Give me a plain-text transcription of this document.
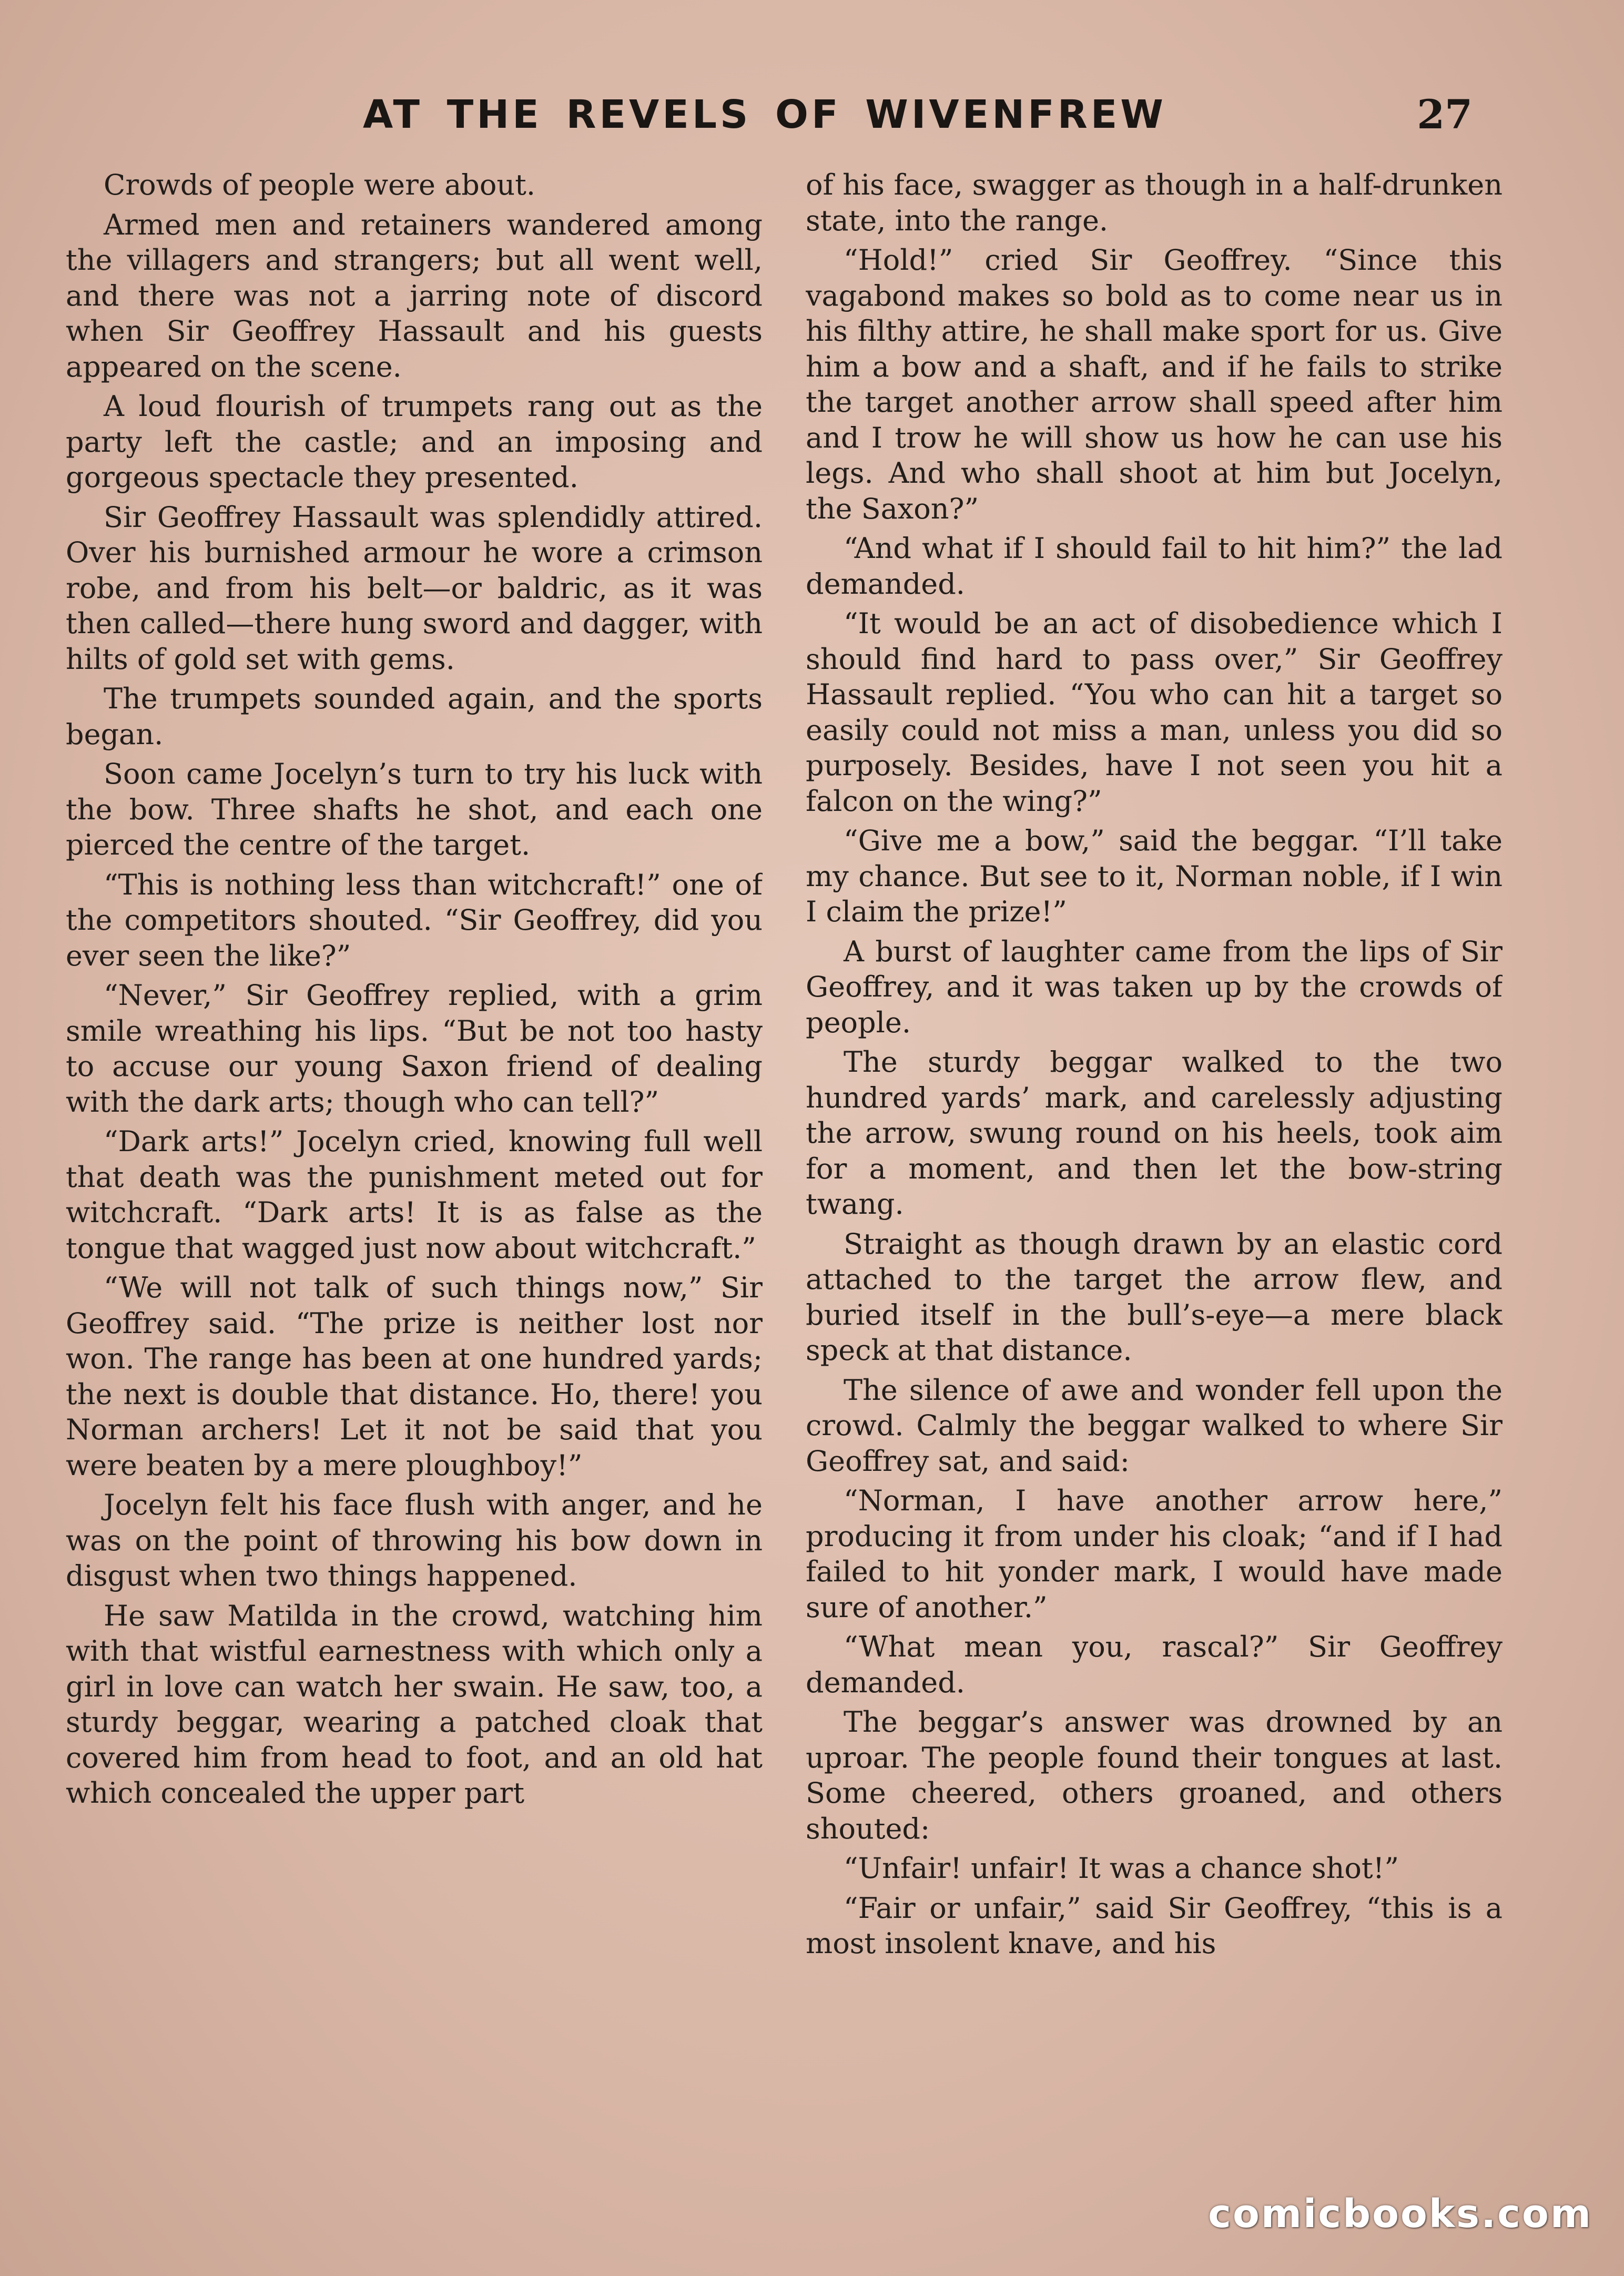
AT THE REVELS OF WIVENFREW	27

Crowds of people were about.

Armed men and retainers wandered among the villagers and strangers; but all went well, and there was not a jarring note of discord when Sir Geoffrey Hassault and his guests appeared on the scene.

A loud flourish of trumpets rang out as the party left the castle; and an imposing and gorgeous spectacle they presented.

Sir Geoffrey Hassault was splendidly attired. Over his burnished armour he wore a crimson robe, and from his belt—or baldric, as it was then called—there hung sword and dagger, with hilts of gold set with gems.

The trumpets sounded again, and the sports began.

Soon came Jocelyn’s turn to try his luck with the bow. Three shafts he shot, and each one pierced the centre of the target.

“This is nothing less than witchcraft!” one of the competitors shouted. “Sir Geoffrey, did you ever seen the like?”

“Never,” Sir Geoffrey replied, with a grim smile wreathing his lips. “But be not too hasty to accuse our young Saxon friend of dealing with the dark arts; though who can tell?”

“Dark arts!” Jocelyn cried, knowing full well that death was the punishment meted out for witchcraft. “Dark arts! It is as false as the tongue that wagged just now about witchcraft.”

“We will not talk of such things now,” Sir Geoffrey said. “The prize is neither lost nor won. The range has been at one hundred yards; the next is double that distance. Ho, there! you Norman archers! Let it not be said that you were beaten by a mere ploughboy!”

Jocelyn felt his face flush with anger, and he was on the point of throwing his bow down in disgust when two things happened.

He saw Matilda in the crowd, watching him with that wistful earnestness with which only a girl in love can watch her swain. He saw, too, a sturdy beggar, wearing a patched cloak that covered him from head to foot, and an old hat which concealed the upper part

of his face, swagger as though in a half-drunken state, into the range.

“Hold!” cried Sir Geoffrey. “Since this vagabond makes so bold as to come near us in his filthy attire, he shall make sport for us. Give him a bow and a shaft, and if he fails to strike the target another arrow shall speed after him and I trow he will show us how he can use his legs. And who shall shoot at him but Jocelyn, the Saxon?”

“And what if I should fail to hit him?” the lad demanded.

“It would be an act of disobedience which I should find hard to pass over,” Sir Geoffrey Hassault replied. “You who can hit a target so easily could not miss a man, unless you did so purposely. Besides, have I not seen you hit a falcon on the wing?”

“Give me a bow,” said the beggar. “I’ll take my chance. But see to it, Norman noble, if I win I claim the prize!”

A burst of laughter came from the lips of Sir Geoffrey, and it was taken up by the crowds of people.

The sturdy beggar walked to the two hundred yards’ mark, and carelessly adjusting the arrow, swung round on his heels, took aim for a moment, and then let the bow-string twang.

Straight as though drawn by an elastic cord attached to the target the arrow flew, and buried itself in the bull’s-eye—a mere black speck at that distance.

The silence of awe and wonder fell upon the crowd. Calmly the beggar walked to where Sir Geoffrey sat, and said:

“Norman, I have another arrow here,” producing it from under his cloak; “and if I had failed to hit yonder mark, I would have made sure of another.”

“What mean you, rascal?” Sir Geoffrey demanded.

The beggar’s answer was drowned by an uproar. The people found their tongues at last. Some cheered, others groaned, and others shouted:

“Unfair! unfair! It was a chance shot!”

“Fair or unfair,” said Sir Geoffrey, “this is a most insolent knave, and his

comicbooks.com
